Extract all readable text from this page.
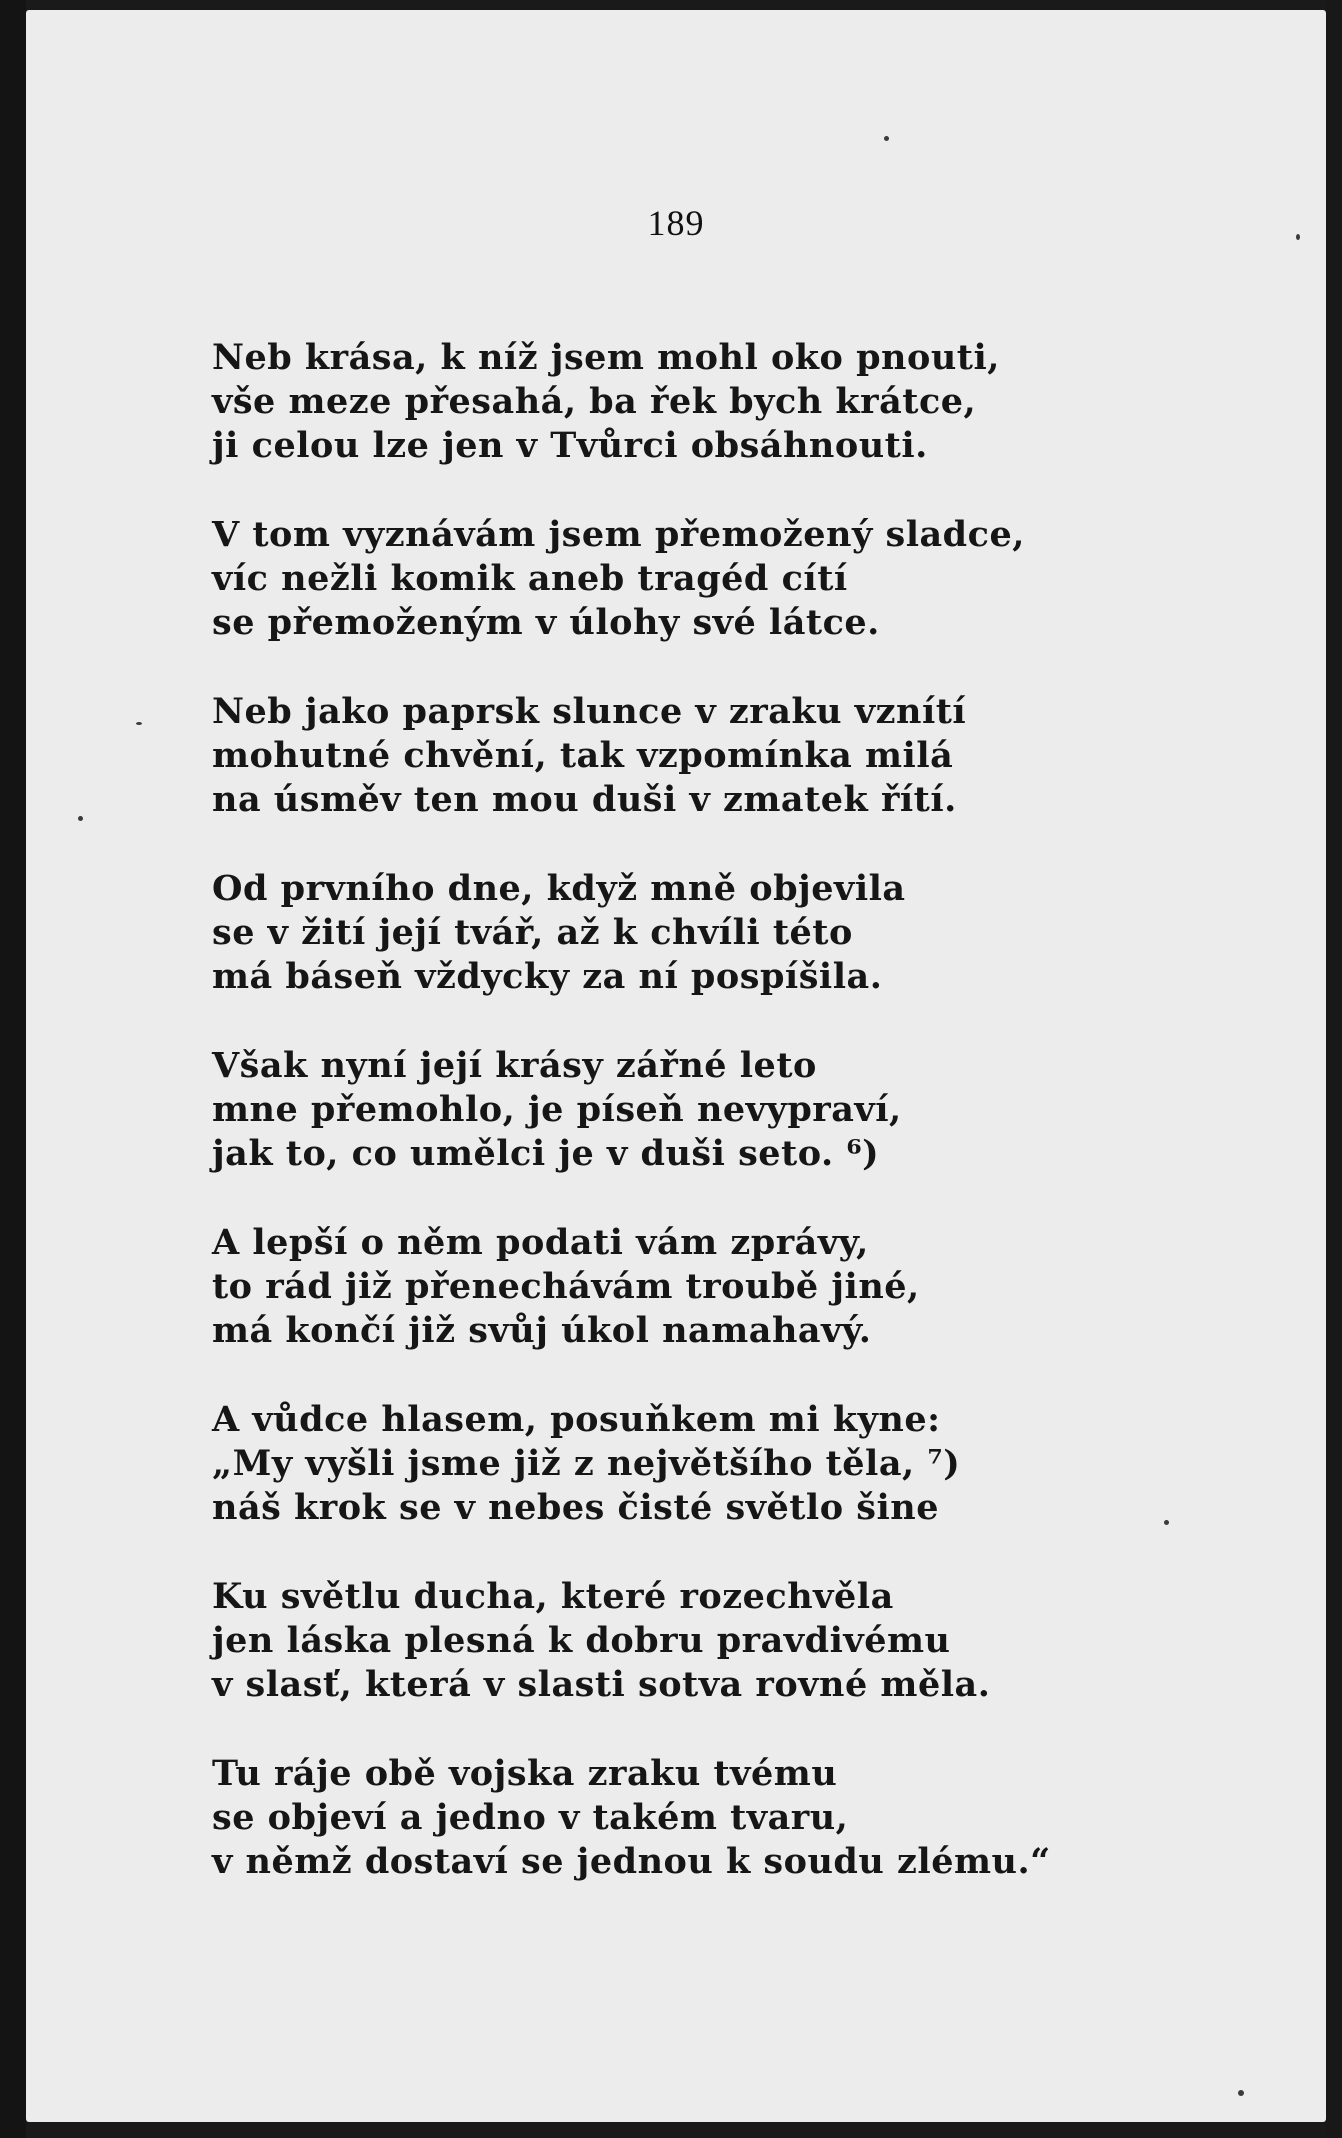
189
Neb krása, k níž jsem mohl oko pnouti,
vše meze přesahá, ba řek bych krátce,
ji celou lze jen v Tvůrci obsáhnouti.
V tom vyznávám jsem přemožený sladce,
víc nežli komik aneb tragéd cítí
se přemoženým v úlohy své látce.
Neb jako paprsk slunce v zraku vznítí
mohutné chvění, tak vzpomínka milá
na úsměv ten mou duši v zmatek řítí.
Od prvního dne, když mně objevila
se v žití její tvář, až k chvíli této
má báseň vždycky za ní pospíšila.
Však nyní její krásy zářné leto
mne přemohlo, je píseň nevypraví,
jak to, co umělci je v duši seto. ⁶)
A lepší o něm podati vám zprávy,
to rád již přenechávám troubě jiné,
má končí již svůj úkol namahavý.
A vůdce hlasem, posuňkem mi kyne:
„My vyšli jsme již z největšího těla, ⁷)
náš krok se v nebes čisté světlo šine
Ku světlu ducha, které rozechvěla
jen láska plesná k dobru pravdivému
v slasť, která v slasti sotva rovné měla.
Tu ráje obě vojska zraku tvému
se objeví a jedno v takém tvaru,
v němž dostaví se jednou k soudu zlému.“
